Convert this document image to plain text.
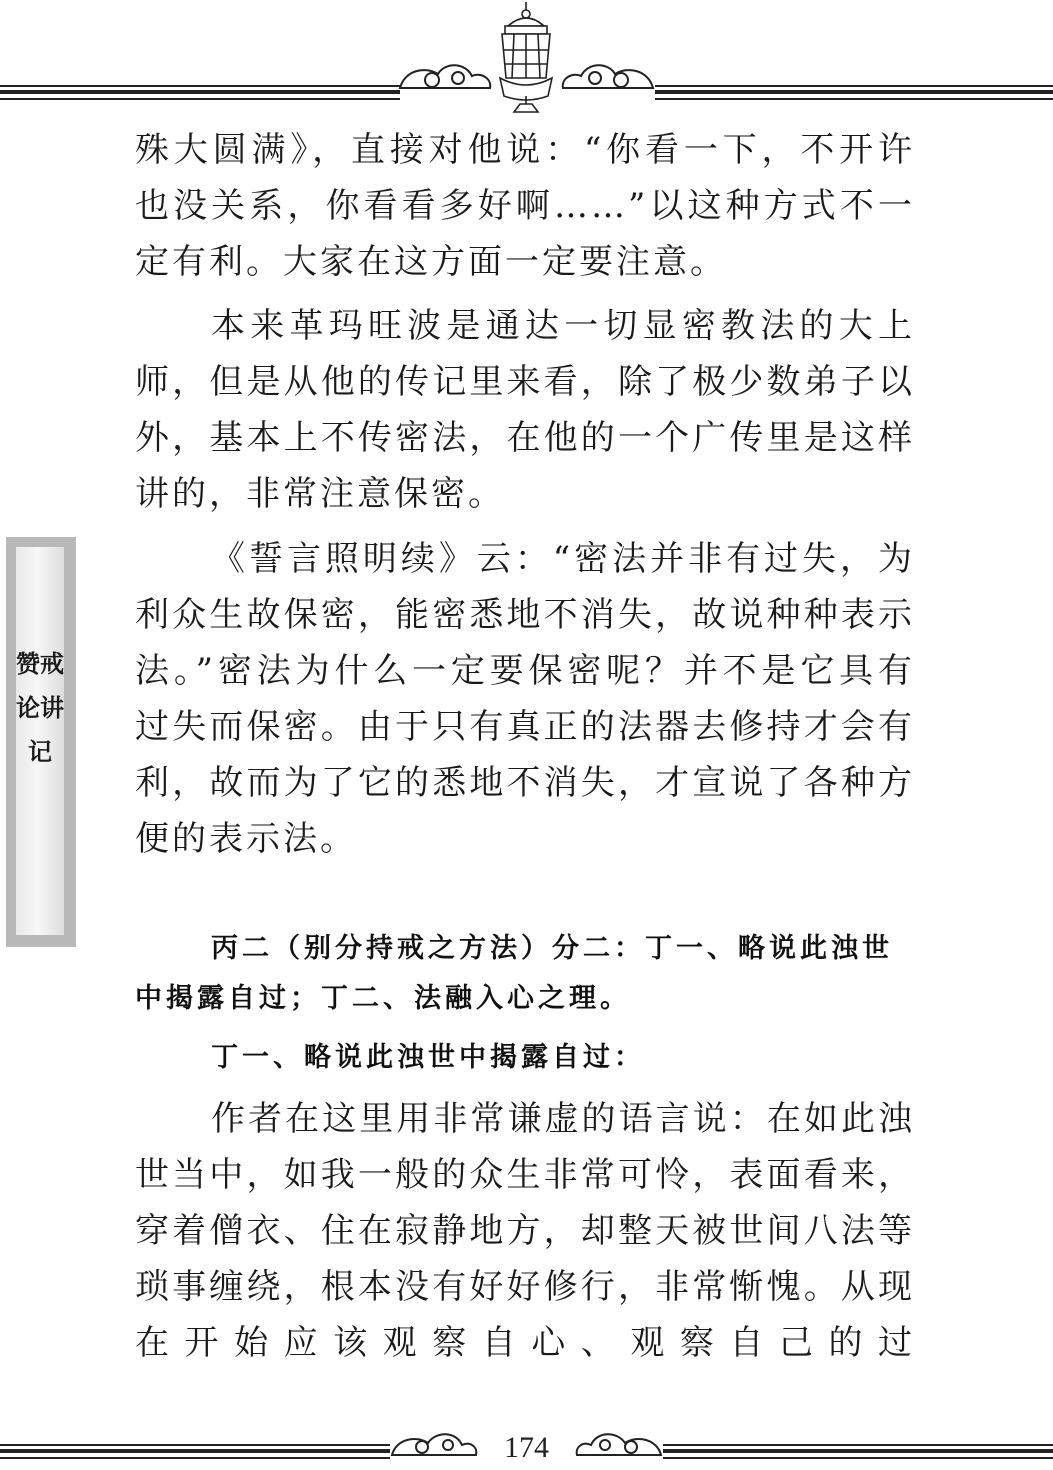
赞戒论讲记

殊大圆满》，直接对他说：“你看一下，不开许也没关系，你看看多好啊……”以这种方式不一定有利。大家在这方面一定要注意。

本来革玛旺波是通达一切显密教法的大上师，但是从他的传记里来看，除了极少数弟子以外，基本上不传密法，在他的一个广传里是这样讲的，非常注意保密。

《誓言照明续》云：“密法并非有过失，为利众生故保密，能密悉地不消失，故说种种表示法。”密法为什么一定要保密呢？并不是它具有过失而保密。由于只有真正的法器去修持才会有利，故而为了它的悉地不消失，才宣说了各种方便的表示法。

丙二（别分持戒之方法）分二：丁一、略说此浊世中揭露自过；丁二、法融入心之理。

丁一、略说此浊世中揭露自过：

作者在这里用非常谦虚的语言说：在如此浊世当中，如我一般的众生非常可怜，表面看来，穿着僧衣、住在寂静地方，却整天被世间八法等琐事缠绕，根本没有好好修行，非常惭愧。从现在开始应该观察自心、观察自己的过

174
